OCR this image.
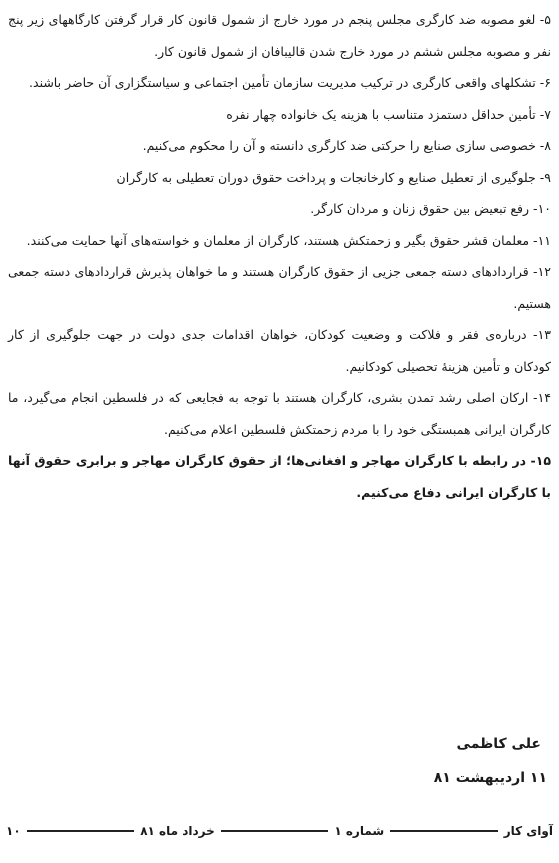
۵- لغو مصوبه ضد کارگری مجلس پنجم در مورد خارج از شمول قانون کار قرار گرفتن کارگاههای زیر پنج نفر و مصوبه مجلس ششم در مورد خارج شدن قالیبافان از شمول قانون کار.

۶- تشکلهای واقعی کارگری در ترکیب مدیریت سازمان تأمین اجتماعی و سیاستگزاری آن حاضر باشند.

۷- تأمین حداقل دستمزد متناسب با هزینه یک خانواده چهار نفره

۸- خصوصی سازی صنایع را حرکتی ضد کارگری دانسته و آن را محکوم می‌کنیم.

۹- جلوگیری از تعطیل صنایع و کارخانجات و پرداخت حقوق دوران تعطیلی به کارگران

۱۰- رفع تبعیض بین حقوق زنان و مردان کارگر.

۱۱- معلمان قشر حقوق بگیر و زحمتکش هستند، کارگران از معلمان و خواسته‌های آنها حمایت می‌کنند.

۱۲- قراردادهای دسته جمعی جزیی از حقوق کارگران هستند و ما خواهان پذیرش قراردادهای دسته جمعی هستیم.

۱۳- درباره‌ی فقر و فلاکت و وضعیت کودکان، خواهان اقدامات جدی دولت در جهت جلوگیری از کار کودکان و تأمین هزینۀ تحصیلی کودکانیم.

۱۴- ارکان اصلی رشد تمدن بشری، کارگران هستند با توجه به فجایعی که در فلسطین انجام می‌گیرد، ما کارگران ایرانی همبستگی خود را با مردم زحمتکش فلسطین اعلام می‌کنیم.

۱۵- در رابطه با کارگران مهاجر و افغانی‌ها؛ از حقوق کارگران مهاجر و برابری حقوق آنها با کارگران ایرانی دفاع می‌کنیم.

علی کاظمی
۱۱ اردیبهشت ۸۱
آوای کار
شماره ۱
خرداد ماه ۸۱
۱۰
